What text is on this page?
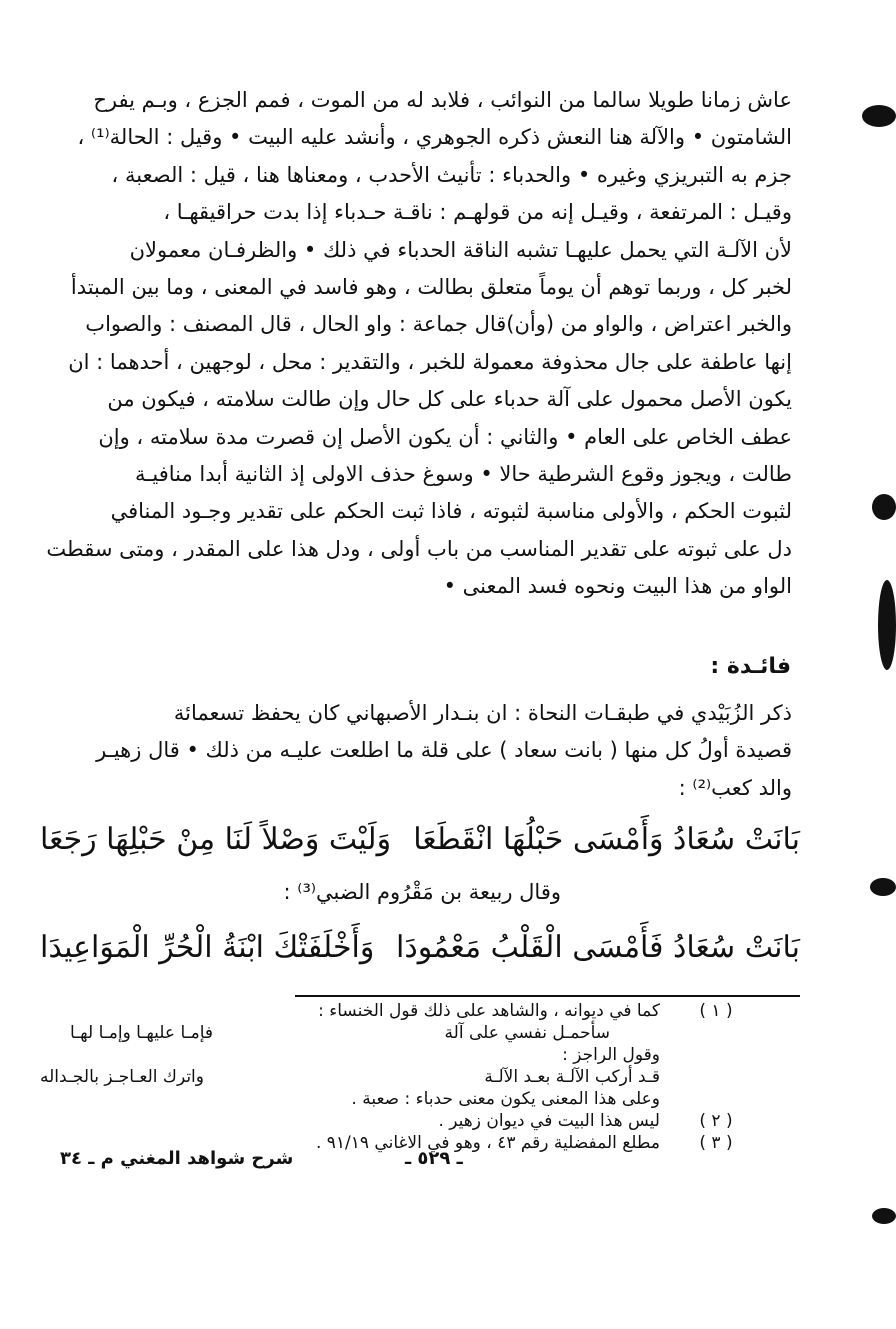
عاش زمانا طويلا سالما من النوائب ، فلابد له من الموت ، فمم الجزع ، وبـم يفرح
الشامتون • والآلة هنا النعش ذكره الجوهري ، وأنشد عليه البيت • وقيل : الحالة⁽¹⁾ ،
جزم به التبريزي وغيره • والحدباء : تأنيث الأحدب ، ومعناها هنا ، قيل : الصعبة ،
وقيـل : المرتفعة ، وقيـل إنه من قولهـم : ناقـة حـدباء إذا بدت حراقيقهـا ،
لأن الآلـة التي يحمل عليهـا تشبه الناقة الحدباء في ذلك • والظرفـان معمولان
لخبر كل ، وربما توهم أن يوماً متعلق بطالت ، وهو فاسد في المعنى ، وما بين المبتدأ
والخبر اعتراض ، والواو من (وأن)قال جماعة : واو الحال ، قال المصنف : والصواب
إنها عاطفة على جال محذوفة معمولة للخبر ، والتقدير : محل ، لوجهين ، أحدهما : ان
يكون الأصل محمول على آلة حدباء على كل حال وإن طالت سلامته ، فيكون من
عطف الخاص على العام • والثاني : أن يكون الأصل إن قصرت مدة سلامته ، وإن
طالت ، ويجوز وقوع الشرطية حالا • وسوغ حذف الاولى إذ الثانية أبدا منافيـة
لثبوت الحكم ، والأولى مناسبة لثبوته ، فاذا ثبت الحكم على تقدير وجـود المنافي
دل على ثبوته على تقدير المناسب من باب أولى ، ودل هذا على المقدر ، ومتى سقطت
الواو من هذا البيت ونحوه فسد المعنى •

فائـدة :
ذكر الزُبَيْدي في طبقـات النحاة : ان بنـدار الأصبهاني كان يحفظ تسعمائة
قصيدة أولُ كل منها ( بانت سعاد ) على قلة ما اطلعت عليـه من ذلك • قال زهيـر
والد كعب⁽²⁾ :
بَانَتْ سُعَادُ وَأَمْسَى حَبْلُهَا انْقَطَعَا
وَلَيْتَ وَصْلاً لَنَا مِنْ حَبْلِهَا رَجَعَا
وقال ربيعة بن مَقْرُوم الضبي⁽³⁾ :
بَانَتْ سُعَادُ فَأَمْسَى الْقَلْبُ مَعْمُودَا
وَأَخْلَفَتْكَ ابْنَةُ الْحُرِّ الْمَوَاعِيدَا
( ١ )
كما في ديوانه ، والشاهد على ذلك قول الخنساء :
سأحمـل نفسي على آلة
فإمـا عليهـا وإمـا لهـا
وقول الراجز :
قـد أركب الآلـة بعـد الآلـة
واترك العـاجـز بالجـداله
وعلى هذا المعنى يكون معنى حدباء : صعبة .
( ٢ )
ليس هذا البيت في ديوان زهير .
( ٣ )
مطلع المفضلية رقم ٤٣ ، وهو في الاغاني ٩١/١٩ .
ـ ٥٢٩ ـ
شرح شواهد المغني م ـ ٣٤
